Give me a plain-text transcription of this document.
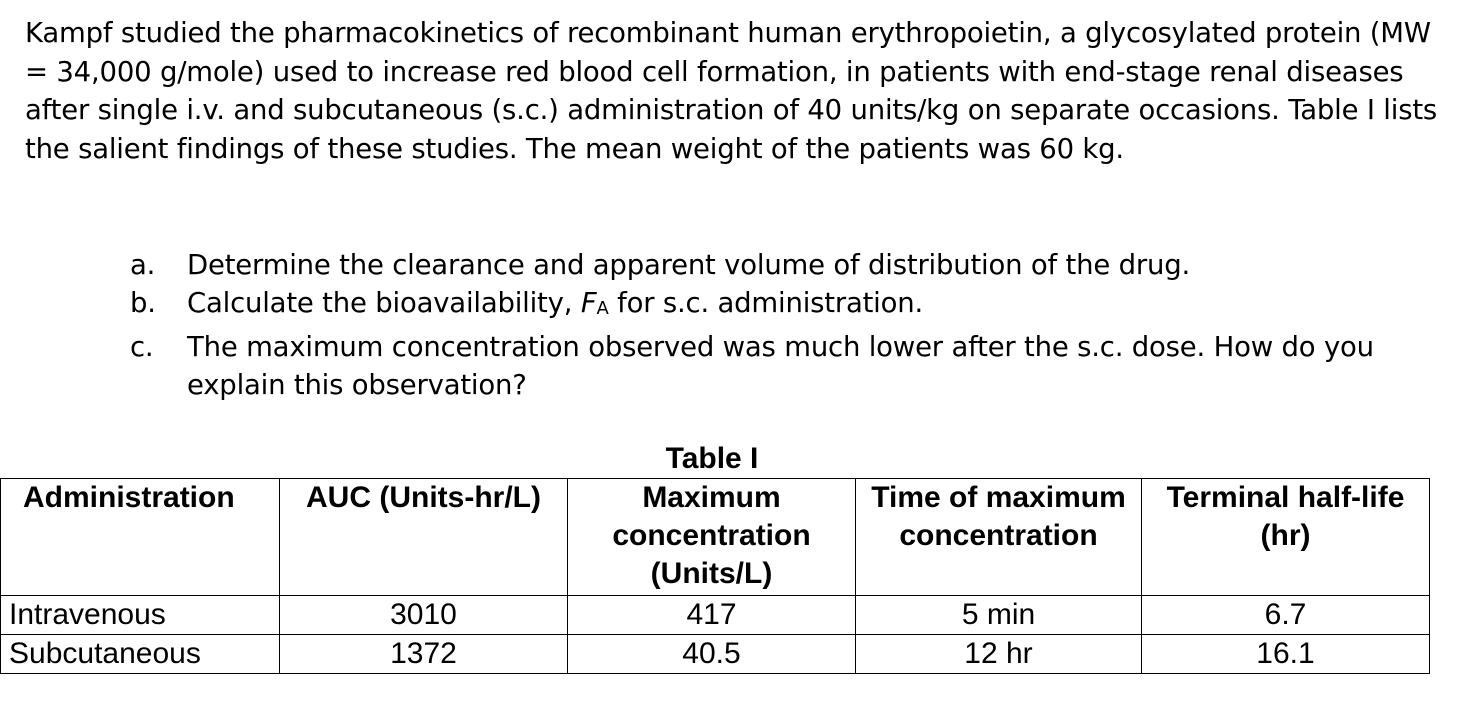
Kampf studied the pharmacokinetics of recombinant human erythropoietin, a glycosylated protein (MW = 34,000 g/mole) used to increase red blood cell formation, in patients with end-stage renal diseases after single i.v. and subcutaneous (s.c.) administration of 40 units/kg on separate occasions. Table I lists the salient findings of these studies. The mean weight of the patients was 60 kg.

a.	Determine the clearance and apparent volume of distribution of the drug.
b.	Calculate the bioavailability, $F_A$ for s.c. administration.
c.	The maximum concentration observed was much lower after the s.c. dose. How do you explain this observation?
Table I
Administration	AUC (Units-hr/L)	Maximum concentration (Units/L)	Time of maximum concentration	Terminal half-life (hr)
Intravenous	3010	417	5 min	6.7
Subcutaneous	1372	40.5	12 hr	16.1
